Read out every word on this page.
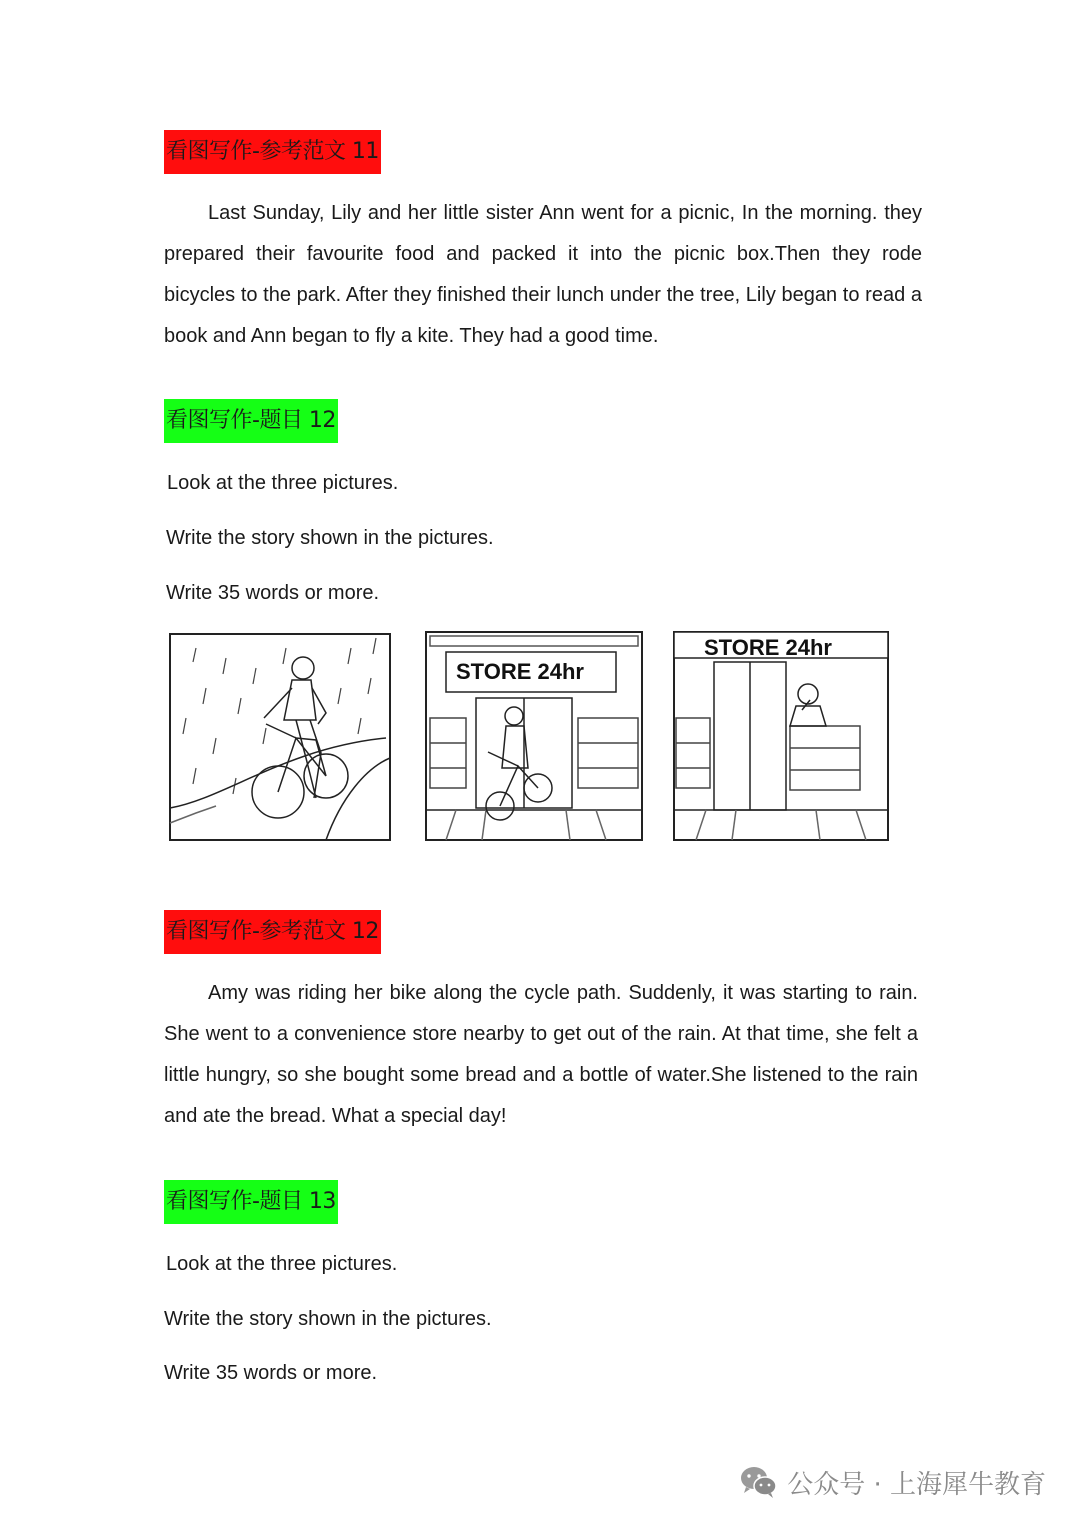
看图写作-参考范文 11

Last Sunday, Lily and her little sister Ann went for a picnic, In the morning. they prepared their favourite food and packed it into the picnic box.Then they rode bicycles to the park. After they finished their lunch under the tree, Lily began to read a book and Ann began to fly a kite. They had a good time.

看图写作-题目 12

Look at the three pictures.

Write the story shown in the pictures.

Write 35 words or more.

STORE 24hr
STORE 24hr
看图写作-参考范文 12

Amy was riding her bike along the cycle path. Suddenly, it was starting to rain. She went to a convenience store nearby to get out of the rain. At that time, she felt a little hungry, so she bought some bread and a bottle of water.She listened to the rain and ate the bread. What a special day!

看图写作-题目 13

Look at the three pictures.

Write the story shown in the pictures.

Write 35 words or more.

公众号 · 上海犀牛教育
